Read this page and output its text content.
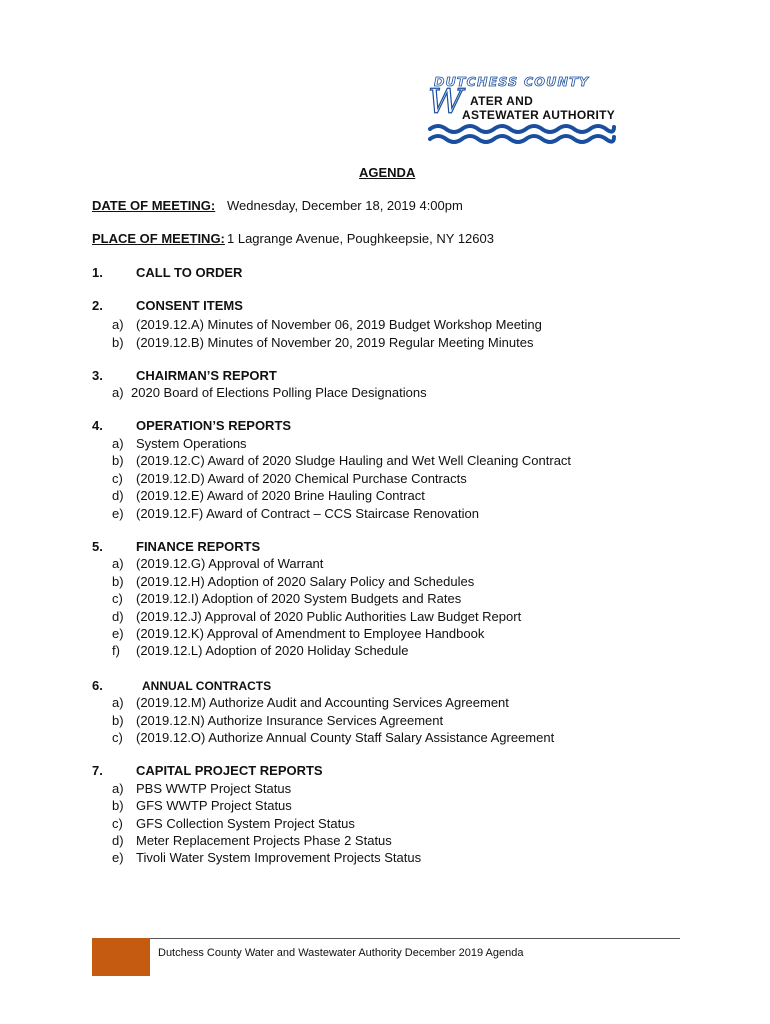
DUTCHESS COUNTY
W ATER AND
ASTEWATER AUTHORITY
AGENDA
DATE OF MEETING: Wednesday, December 18, 2019 4:00pm
PLACE OF MEETING: 1 Lagrange Avenue, Poughkeepsie, NY 12603
1.	CALL TO ORDER
2.	CONSENT ITEMS
a) (2019.12.A) Minutes of November 06, 2019 Budget Workshop Meeting
b) (2019.12.B) Minutes of November 20, 2019 Regular Meeting Minutes
3.	CHAIRMAN’S REPORT
a) 2020 Board of Elections Polling Place Designations
4.	OPERATION’S REPORTS
a) System Operations
b) (2019.12.C) Award of 2020 Sludge Hauling and Wet Well Cleaning Contract
c) (2019.12.D) Award of 2020 Chemical Purchase Contracts
d) (2019.12.E) Award of 2020 Brine Hauling Contract
e) (2019.12.F) Award of Contract – CCS Staircase Renovation
5.	FINANCE REPORTS
a) (2019.12.G) Approval of Warrant
b) (2019.12.H) Adoption of 2020 Salary Policy and Schedules
c) (2019.12.I) Adoption of 2020 System Budgets and Rates
d) (2019.12.J) Approval of 2020 Public Authorities Law Budget Report
e) (2019.12.K) Approval of Amendment to Employee Handbook
f) (2019.12.L) Adoption of 2020 Holiday Schedule
6.	ANNUAL CONTRACTS
a) (2019.12.M) Authorize Audit and Accounting Services Agreement
b) (2019.12.N) Authorize Insurance Services Agreement
c) (2019.12.O) Authorize Annual County Staff Salary Assistance Agreement
7.	CAPITAL PROJECT REPORTS
a) PBS WWTP Project Status
b) GFS WWTP Project Status
c) GFS Collection System Project Status
d) Meter Replacement Projects Phase 2 Status
e) Tivoli Water System Improvement Projects Status
Dutchess County Water and Wastewater Authority December 2019 Agenda
